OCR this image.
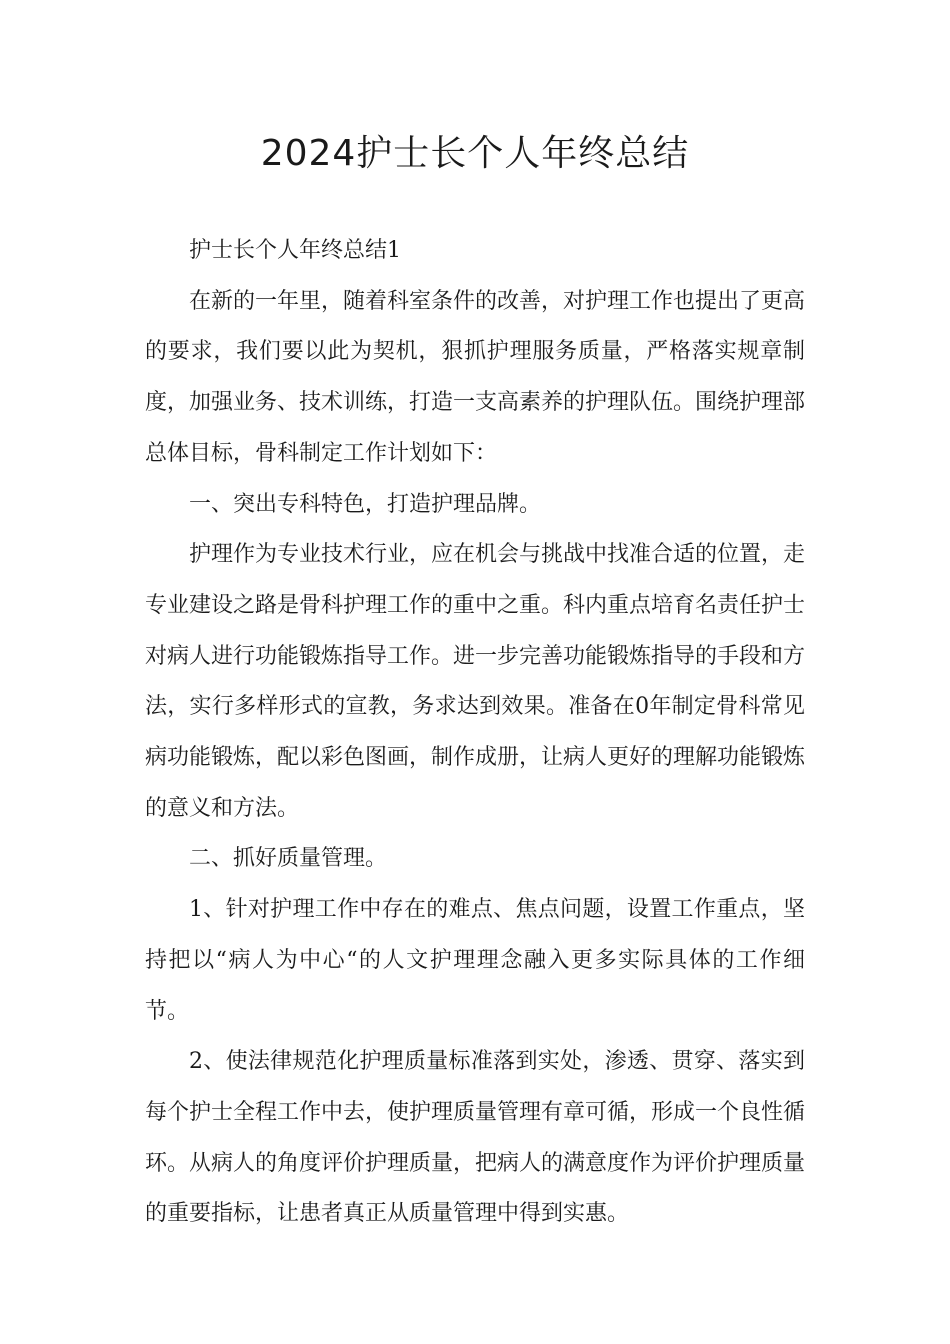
2024护士长个人年终总结

护士长个人年终总结1

在新的一年里，随着科室条件的改善，对护理工作也提出了更高的要求，我们要以此为契机，狠抓护理服务质量，严格落实规章制度，加强业务、技术训练，打造一支高素养的护理队伍。围绕护理部总体目标，骨科制定工作计划如下：

一、突出专科特色，打造护理品牌。

护理作为专业技术行业，应在机会与挑战中找准合适的位置，走专业建设之路是骨科护理工作的重中之重。科内重点培育名责任护士对病人进行功能锻炼指导工作。进一步完善功能锻炼指导的手段和方法，实行多样形式的宣教，务求达到效果。准备在0年制定骨科常见病功能锻炼，配以彩色图画，制作成册，让病人更好的理解功能锻炼的意义和方法。

二、抓好质量管理。

1、针对护理工作中存在的难点、焦点问题，设置工作重点，坚持把以“病人为中心“的人文护理理念融入更多实际具体的工作细节。

2、使法律规范化护理质量标准落到实处，渗透、贯穿、落实到每个护士全程工作中去，使护理质量管理有章可循，形成一个良性循环。从病人的角度评价护理质量，把病人的满意度作为评价护理质量的重要指标，让患者真正从质量管理中得到实惠。
